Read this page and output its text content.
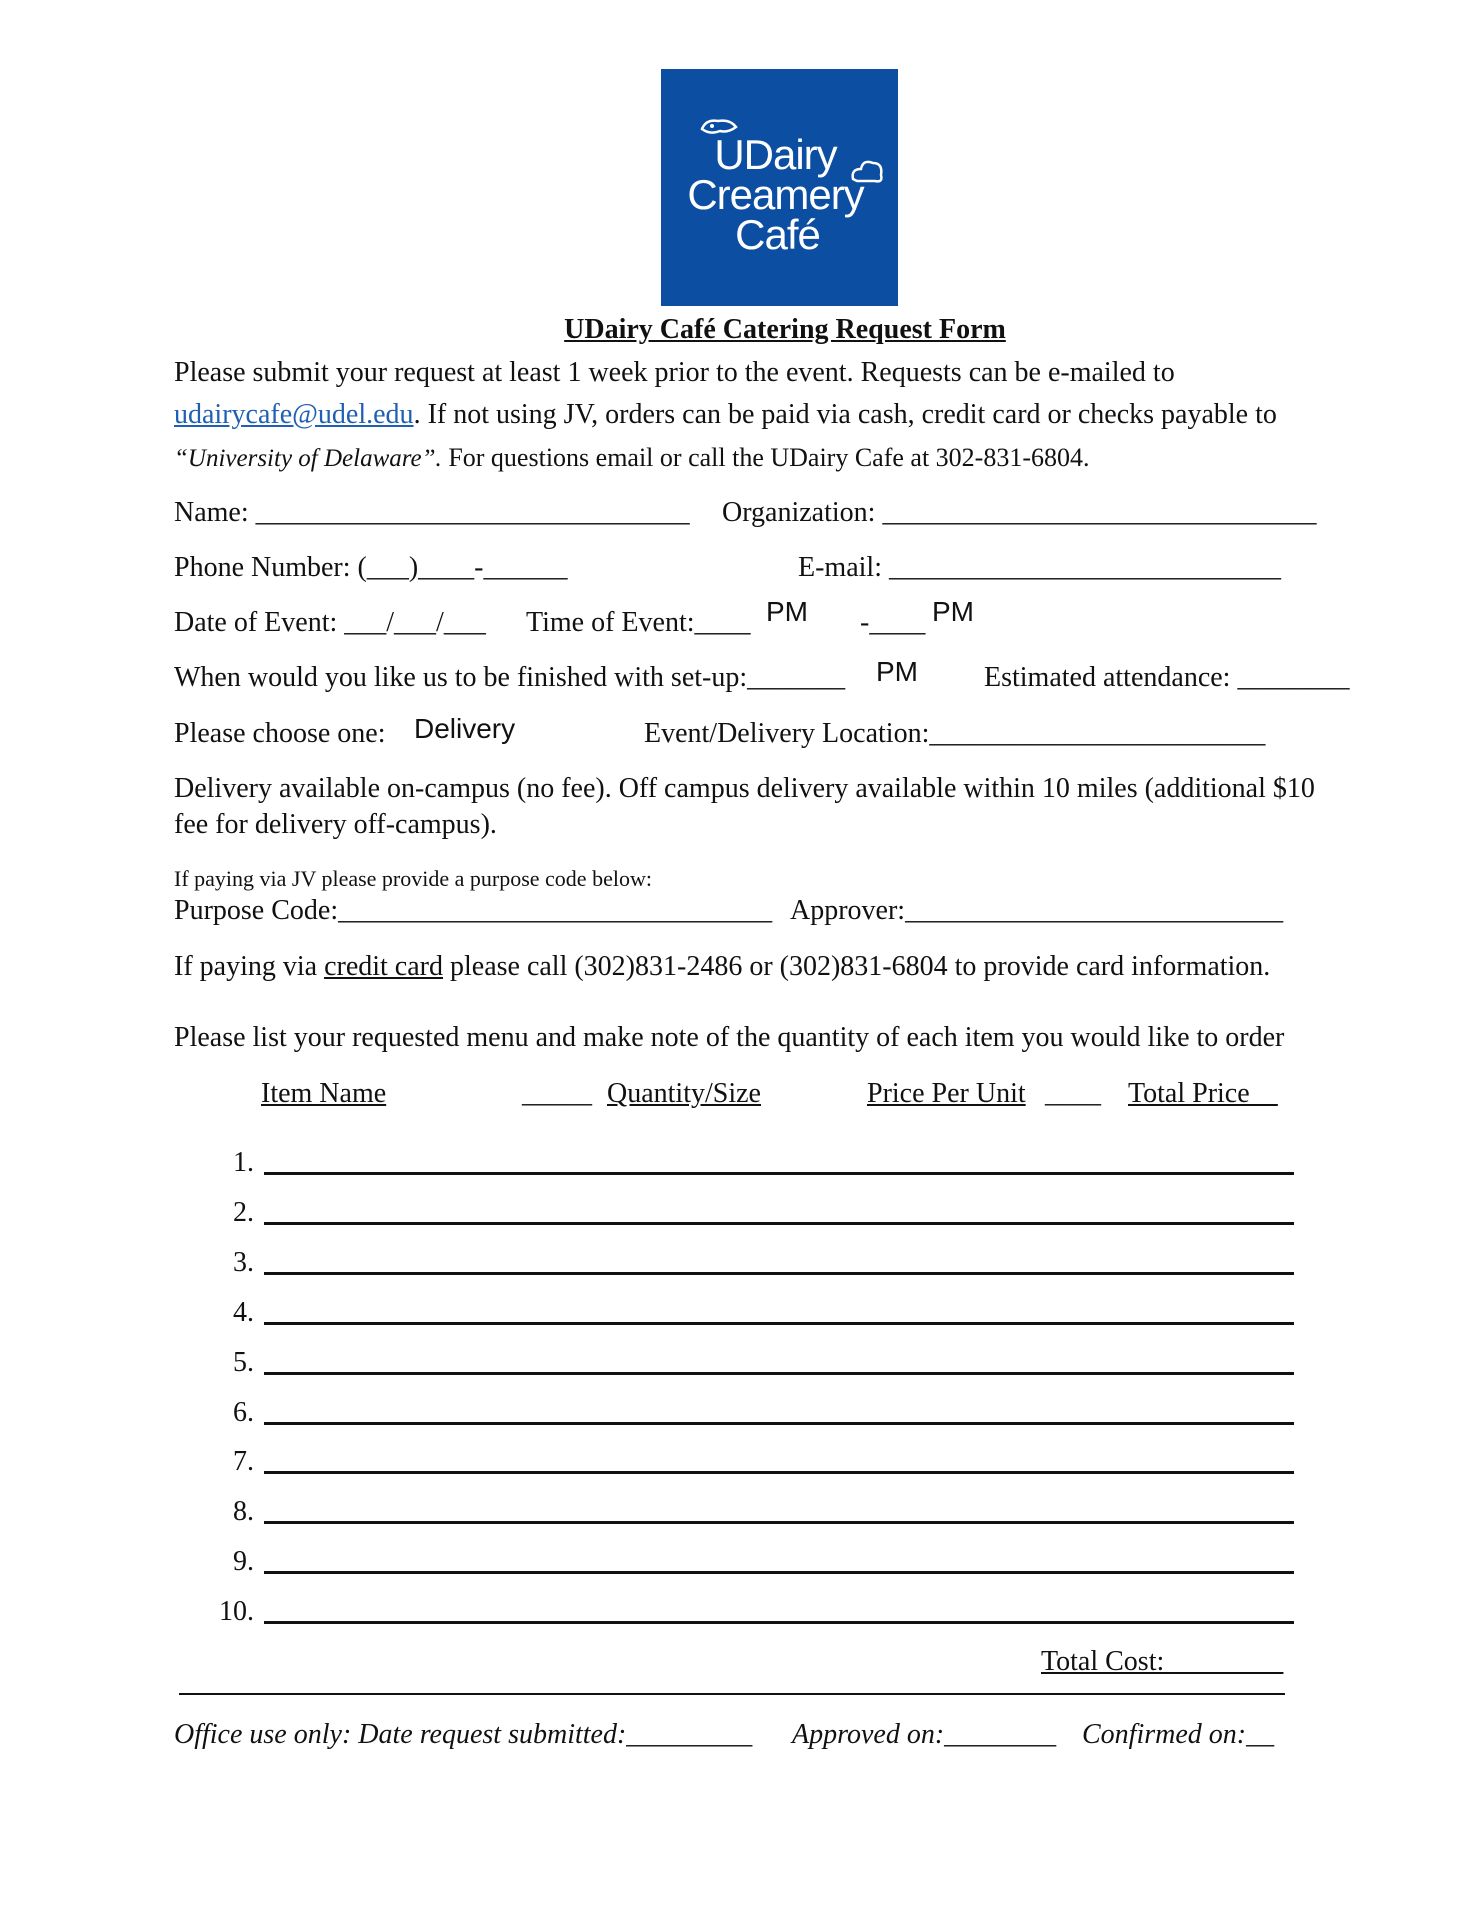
UDairy
Creamery
Café
UDairy Café Catering Request Form
Please submit your request at least 1 week prior to the event. Requests can be e-mailed to
udairycafe@udel.edu. If not using JV, orders can be paid via cash, credit card or checks payable to
“University of Delaware”. For questions email or call the UDairy Cafe at 302-831-6804.
Name: _______________________________ Organization: _______________________________
Phone Number: (___)____-______	E-mail: ____________________________
Date of Event: ___/___/___ Time of Event:____ PM -____ PM
When would you like us to be finished with set-up:_______ PM Estimated attendance: ________
Please choose one: Delivery	Event/Delivery Location:________________________
Delivery available on-campus (no fee). Off campus delivery available within 10 miles (additional $10
fee for delivery off-campus).
If paying via JV please provide a purpose code below:
Purpose Code:_______________________________ Approver:___________________________
If paying via credit card please call (302)831-2486 or (302)831-6804 to provide card information.
Please list your requested menu and make note of the quantity of each item you would like to order
Item Name	_____ Quantity/Size	Price Per Unit ____ Total Price__
1.
2.
3.
4.
5.
6.
7.
8.
9.
10.
Total Cost: ________
Office use only: Date request submitted:_________ Approved on:________ Confirmed on:__
